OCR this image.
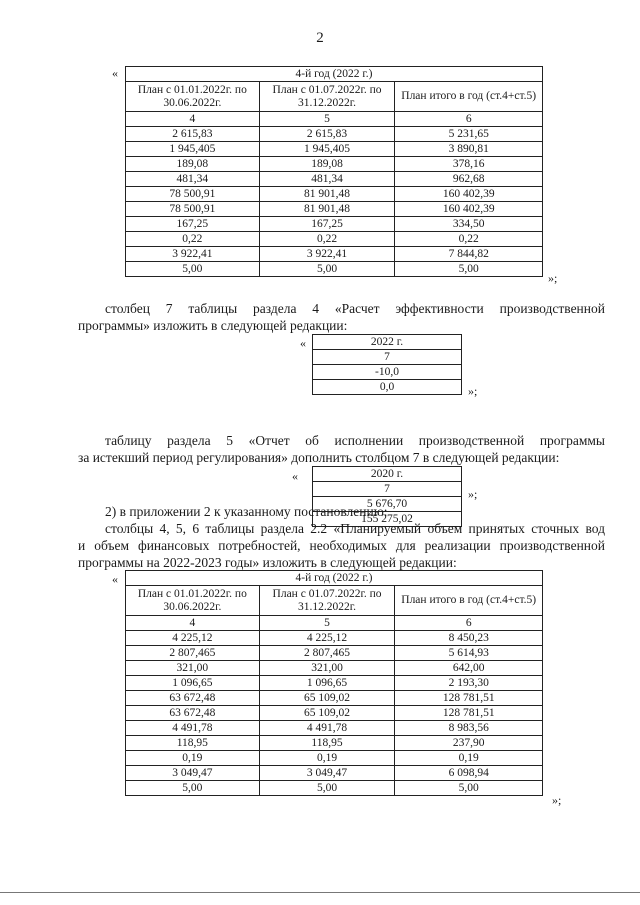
2
«	4-й год (2022 г.)		
План с 01.01.2022г. по 30.06.2022г.	План с 01.07.2022г. по 31.12.2022г.	План итого в год (ст.4+ст.5)
4	5	6
2 615,83	2 615,83	5 231,65
1 945,405	1 945,405	3 890,81
189,08	189,08	378,16
481,34	481,34	962,68
78 500,91	81 901,48	160 402,39
78 500,91	81 901,48	160 402,39
167,25	167,25	334,50
0,22	0,22	0,22
3 922,41	3 922,41	7 844,82
5,00	5,00	5,00
»;

столбец 7 таблицы раздела 4 «Расчет эффективности производственной

программы» изложить в следующей редакции:

«	2022 г.
7
-10,0
0,0	»;

таблицу раздела 5 «Отчет об исполнении производственной программы

за истекший период регулирования» дополнить столбцом 7 в следующей редакции:

«	2020 г.
7
5 676,70
155 275,02
»;

2) в приложении 2 к указанному постановлению:

столбцы 4, 5, 6 таблицы раздела 2.2 «Планируемый объем принятых сточных вод

и объем финансовых потребностей, необходимых для реализации производственной

программы на 2022-2023 годы» изложить в следующей редакции:

«	4-й год (2022 г.)		
План с 01.01.2022г. по 30.06.2022г.	План с 01.07.2022г. по 31.12.2022г.	План итого в год (ст.4+ст.5)
4	5	6
4 225,12	4 225,12	8 450,23
2 807,465	2 807,465	5 614,93
321,00	321,00	642,00
1 096,65	1 096,65	2 193,30
63 672,48	65 109,02	128 781,51
63 672,48	65 109,02	128 781,51
4 491,78	4 491,78	8 983,56
118,95	118,95	237,90
0,19	0,19	0,19
3 049,47	3 049,47	6 098,94
5,00	5,00	5,00
»;
